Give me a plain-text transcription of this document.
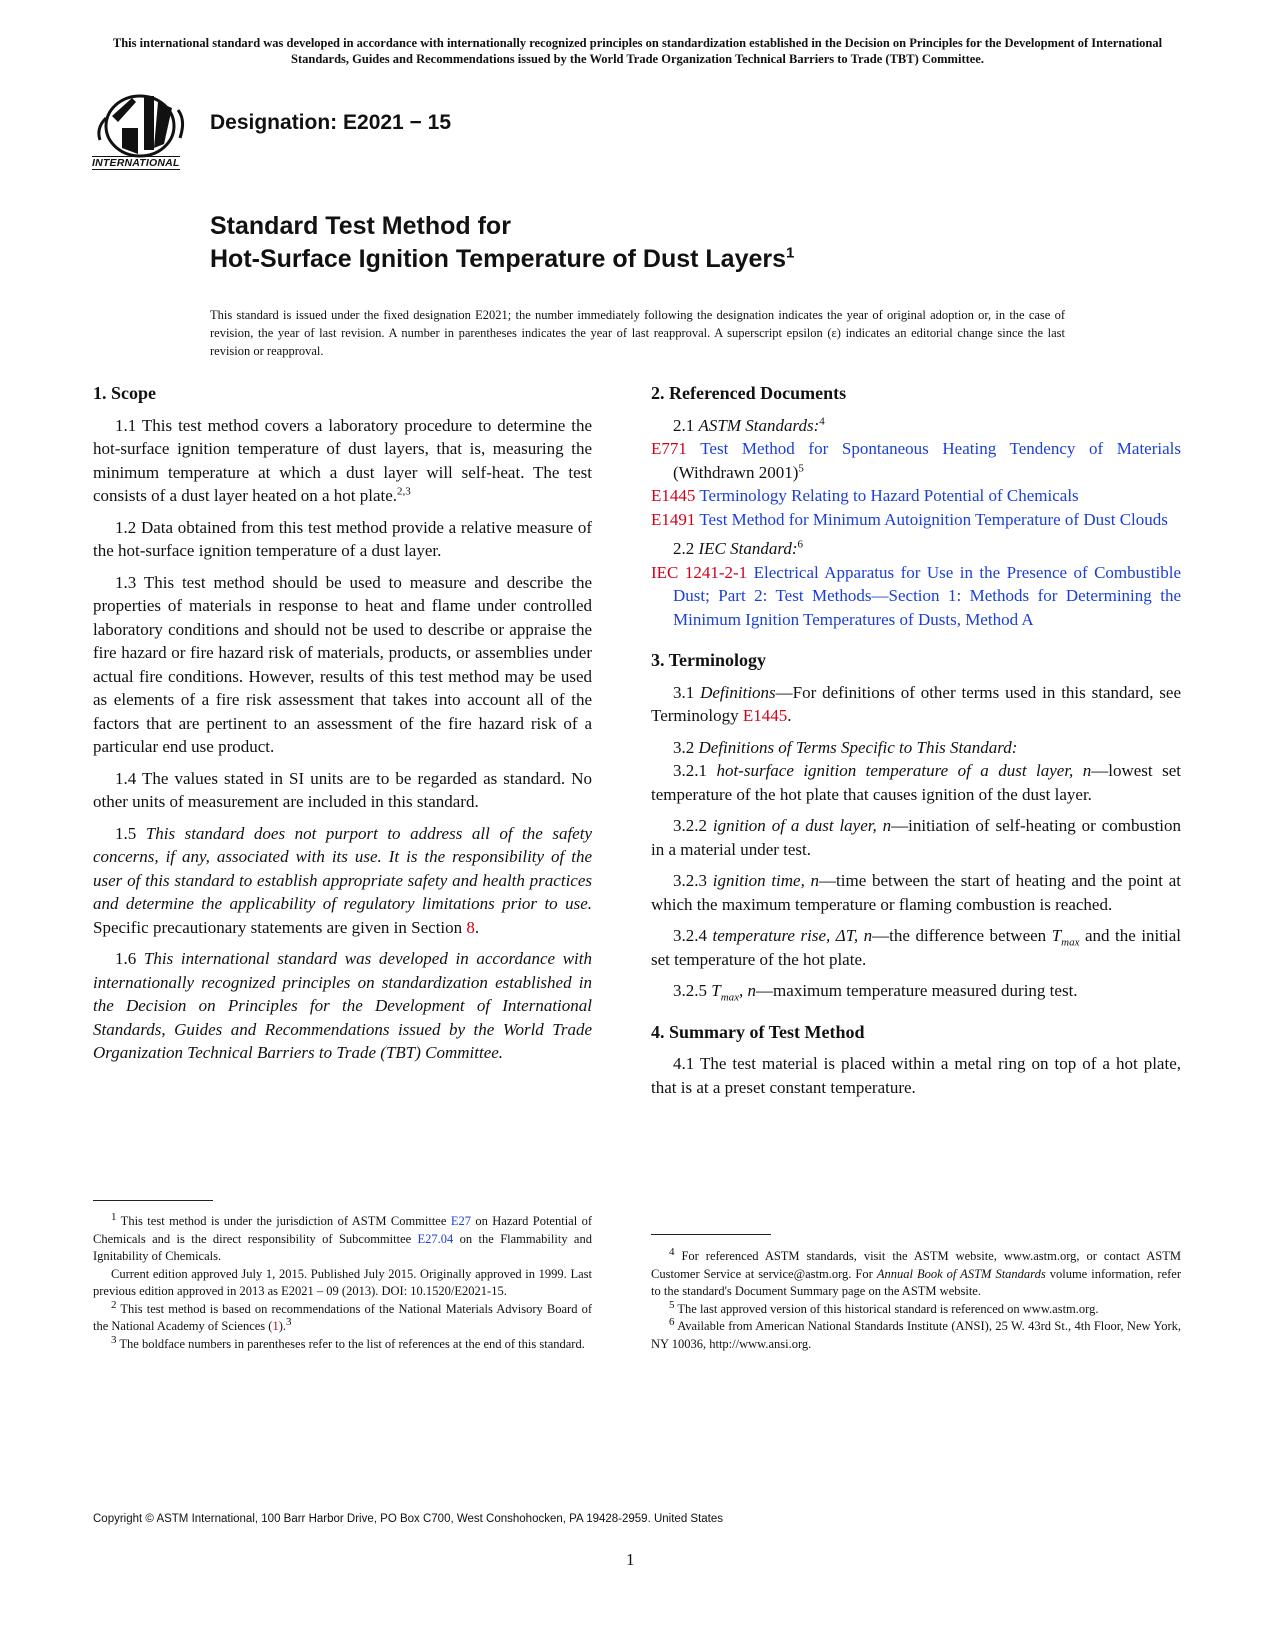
This international standard was developed in accordance with internationally recognized principles on standardization established in the Decision on Principles for the Development of International Standards, Guides and Recommendations issued by the World Trade Organization Technical Barriers to Trade (TBT) Committee.
INTERNATIONAL
Designation: E2021 − 15
Standard Test Method for
Hot-Surface Ignition Temperature of Dust Layers$^1$
This standard is issued under the fixed designation E2021; the number immediately following the designation indicates the year of original adoption or, in the case of revision, the year of last revision. A number in parentheses indicates the year of last reapproval. A superscript epsilon (ε) indicates an editorial change since the last revision or reapproval.
1. Scope
1.1 This test method covers a laboratory procedure to determine the hot-surface ignition temperature of dust layers, that is, measuring the minimum temperature at which a dust layer will self-heat. The test consists of a dust layer heated on a hot plate.$^{2,3}$
1.2 Data obtained from this test method provide a relative measure of the hot-surface ignition temperature of a dust layer.
1.3 This test method should be used to measure and describe the properties of materials in response to heat and flame under controlled laboratory conditions and should not be used to describe or appraise the fire hazard or fire hazard risk of materials, products, or assemblies under actual fire conditions. However, results of this test method may be used as elements of a fire risk assessment that takes into account all of the factors that are pertinent to an assessment of the fire hazard risk of a particular end use product.
1.4 The values stated in SI units are to be regarded as standard. No other units of measurement are included in this standard.
1.5 This standard does not purport to address all of the safety concerns, if any, associated with its use. It is the responsibility of the user of this standard to establish appropriate safety and health practices and determine the applicability of regulatory limitations prior to use. Specific precautionary statements are given in Section 8.
1.6 This international standard was developed in accordance with internationally recognized principles on standardization established in the Decision on Principles for the Development of International Standards, Guides and Recommendations issued by the World Trade Organization Technical Barriers to Trade (TBT) Committee.
2. Referenced Documents
2.1 ASTM Standards:$^4$
E771 Test Method for Spontaneous Heating Tendency of Materials (Withdrawn 2001)$^5$
E1445 Terminology Relating to Hazard Potential of Chemicals
E1491 Test Method for Minimum Autoignition Temperature of Dust Clouds
2.2 IEC Standard:$^6$
IEC 1241-2-1 Electrical Apparatus for Use in the Presence of Combustible Dust; Part 2: Test Methods—Section 1: Methods for Determining the Minimum Ignition Temperatures of Dusts, Method A
3. Terminology
3.1 Definitions—For definitions of other terms used in this standard, see Terminology E1445.
3.2 Definitions of Terms Specific to This Standard:
3.2.1 hot-surface ignition temperature of a dust layer, n—lowest set temperature of the hot plate that causes ignition of the dust layer.
3.2.2 ignition of a dust layer, n—initiation of self-heating or combustion in a material under test.
3.2.3 ignition time, n—time between the start of heating and the point at which the maximum temperature or flaming combustion is reached.
3.2.4 temperature rise, ΔT, n—the difference between $T_{max}$ and the initial set temperature of the hot plate.
3.2.5 $T_{max}$, n—maximum temperature measured during test.
4. Summary of Test Method
4.1 The test material is placed within a metal ring on top of a hot plate, that is at a preset constant temperature.

$^1$ This test method is under the jurisdiction of ASTM Committee E27 on Hazard Potential of Chemicals and is the direct responsibility of Subcommittee E27.04 on the Flammability and Ignitability of Chemicals.

Current edition approved July 1, 2015. Published July 2015. Originally approved in 1999. Last previous edition approved in 2013 as E2021 – 09 (2013). DOI: 10.1520/E2021-15.

$^2$ This test method is based on recommendations of the National Materials Advisory Board of the National Academy of Sciences (1).$^3$

$^3$ The boldface numbers in parentheses refer to the list of references at the end of this standard.

$^4$ For referenced ASTM standards, visit the ASTM website, www.astm.org, or contact ASTM Customer Service at service@astm.org. For Annual Book of ASTM Standards volume information, refer to the standard's Document Summary page on the ASTM website.

$^5$ The last approved version of this historical standard is referenced on www.astm.org.

$^6$ Available from American National Standards Institute (ANSI), 25 W. 43rd St., 4th Floor, New York, NY 10036, http://www.ansi.org.

Copyright © ASTM International, 100 Barr Harbor Drive, PO Box C700, West Conshohocken, PA 19428-2959. United States
1
